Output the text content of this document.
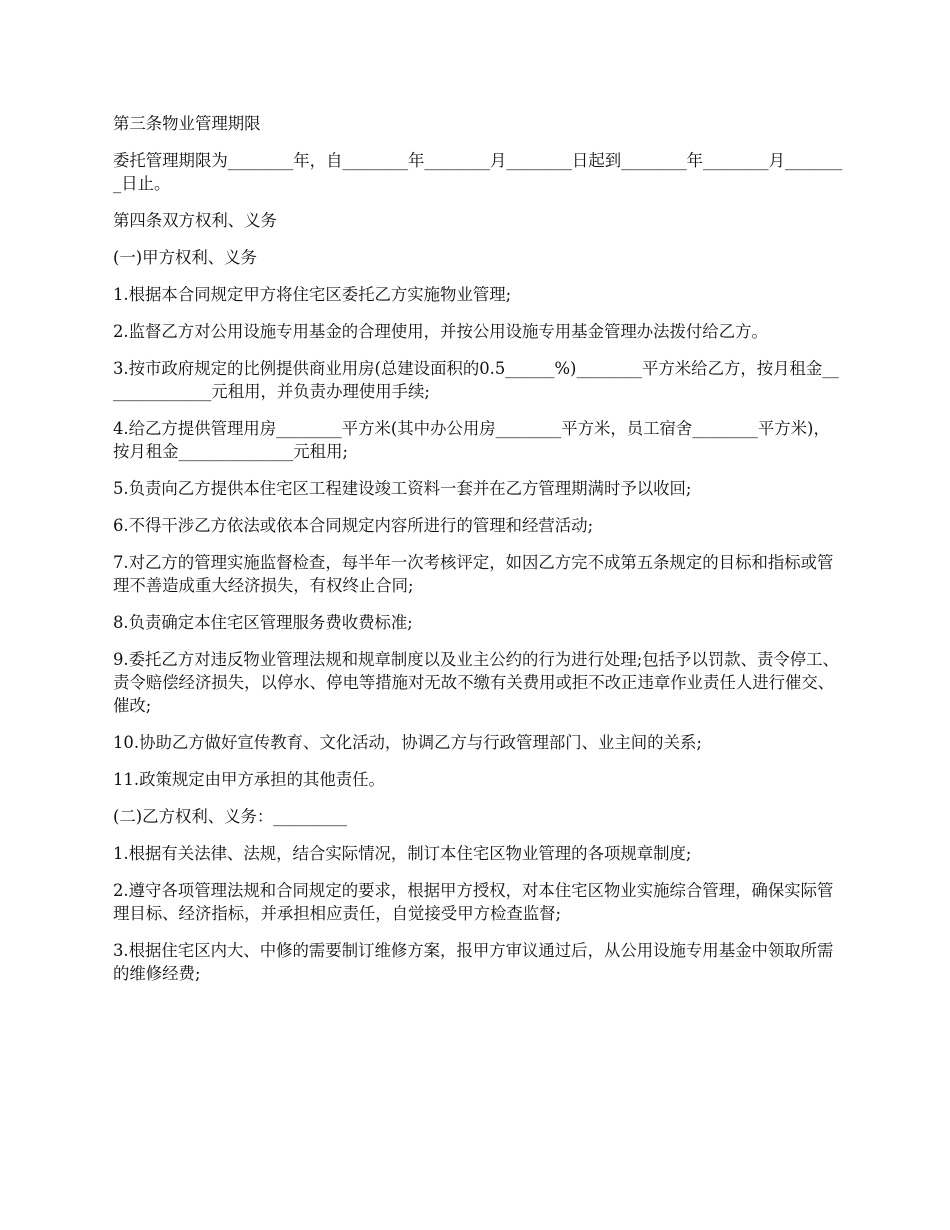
第三条物业管理期限

委托管理期限为________年，自________年________月________日起到________年________月________日止。

第四条双方权利、义务

(一)甲方权利、义务

1.根据本合同规定甲方将住宅区委托乙方实施物业管理;

2.监督乙方对公用设施专用基金的合理使用，并按公用设施专用基金管理办法拨付给乙方。

3.按市政府规定的比例提供商业用房(总建设面积的0.5______%)________平方米给乙方，按月租金______________元租用，并负责办理使用手续;

4.给乙方提供管理用房________平方米(其中办公用房________平方米，员工宿舍________平方米)，按月租金______________元租用;

5.负责向乙方提供本住宅区工程建设竣工资料一套并在乙方管理期满时予以收回;

6.不得干涉乙方依法或依本合同规定内容所进行的管理和经营活动;

7.对乙方的管理实施监督检查，每半年一次考核评定，如因乙方完不成第五条规定的目标和指标或管理不善造成重大经济损失，有权终止合同;

8.负责确定本住宅区管理服务费收费标准;

9.委托乙方对违反物业管理法规和规章制度以及业主公约的行为进行处理;包括予以罚款、责令停工、责令赔偿经济损失，以停水、停电等措施对无故不缴有关费用或拒不改正违章作业责任人进行催交、催改;

10.协助乙方做好宣传教育、文化活动，协调乙方与行政管理部门、业主间的关系;

11.政策规定由甲方承担的其他责任。

(二)乙方权利、义务：_________

1.根据有关法律、法规，结合实际情况，制订本住宅区物业管理的各项规章制度;

2.遵守各项管理法规和合同规定的要求，根据甲方授权，对本住宅区物业实施综合管理，确保实际管理目标、经济指标，并承担相应责任，自觉接受甲方检查监督;

3.根据住宅区内大、中修的需要制订维修方案，报甲方审议通过后，从公用设施专用基金中领取所需的维修经费;
